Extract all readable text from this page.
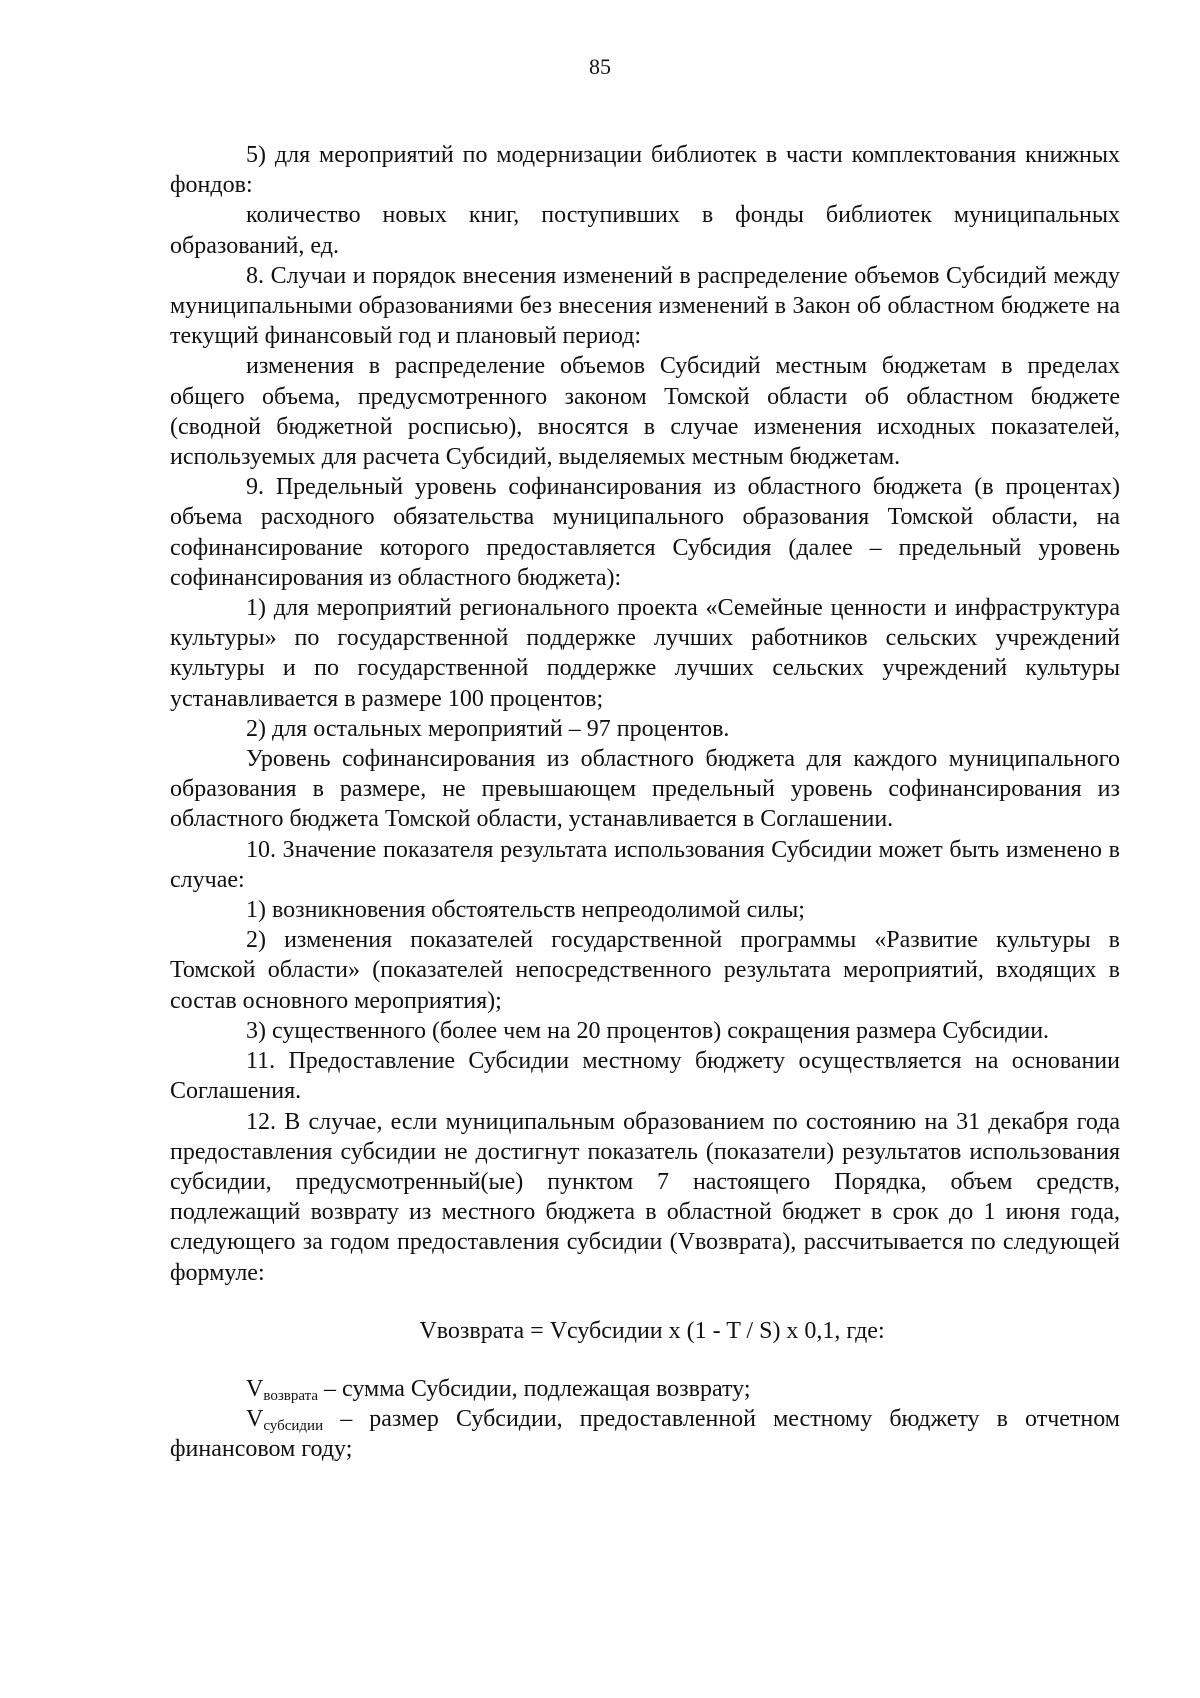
85

5) для мероприятий по модернизации библиотек в части комплектования книжных фондов:

количество новых книг, поступивших в фонды библиотек муниципальных образований, ед.

8. Случаи и порядок внесения изменений в распределение объемов Субсидий между муниципальными образованиями без внесения изменений в Закон об областном бюджете на текущий финансовый год и плановый период:

изменения в распределение объемов Субсидий местным бюджетам в пределах общего объема, предусмотренного законом Томской области об областном бюджете (сводной бюджетной росписью), вносятся в случае изменения исходных показателей, используемых для расчета Субсидий, выделяемых местным бюджетам.

9. Предельный уровень софинансирования из областного бюджета (в процентах) объема расходного обязательства муниципального образования Томской области, на софинансирование которого предоставляется Субсидия (далее – предельный уровень софинансирования из областного бюджета):

1) для мероприятий регионального проекта «Семейные ценности и инфраструктура культуры» по государственной поддержке лучших работников сельских учреждений культуры и по государственной поддержке лучших сельских учреждений культуры устанавливается в размере 100 процентов;

2) для остальных мероприятий – 97 процентов.

Уровень софинансирования из областного бюджета для каждого муниципального образования в размере, не превышающем предельный уровень софинансирования из областного бюджета Томской области, устанавливается в Соглашении.

10. Значение показателя результата использования Субсидии может быть изменено в случае:

1) возникновения обстоятельств непреодолимой силы;

2) изменения показателей государственной программы «Развитие культуры в Томской области» (показателей непосредственного результата мероприятий, входящих в состав основного мероприятия);

3) существенного (более чем на 20 процентов) сокращения размера Субсидии.

11. Предоставление Субсидии местному бюджету осуществляется на основании Соглашения.

12. В случае, если муниципальным образованием по состоянию на 31 декабря года предоставления субсидии не достигнут показатель (показатели) результатов использования субсидии, предусмотренный(ые) пунктом 7 настоящего Порядка, объем средств, подлежащий возврату из местного бюджета в областной бюджет в срок до 1 июня года, следующего за годом предоставления субсидии (Vвозврата), рассчитывается по следующей формуле:

Vвозврата = Vсубсидии x (1 - T / S) x 0,1, где:

$V_{возврата}$ – сумма Субсидии, подлежащая возврату;

$V_{субсидии}$ – размер Субсидии, предоставленной местному бюджету в отчетном финансовом году;
